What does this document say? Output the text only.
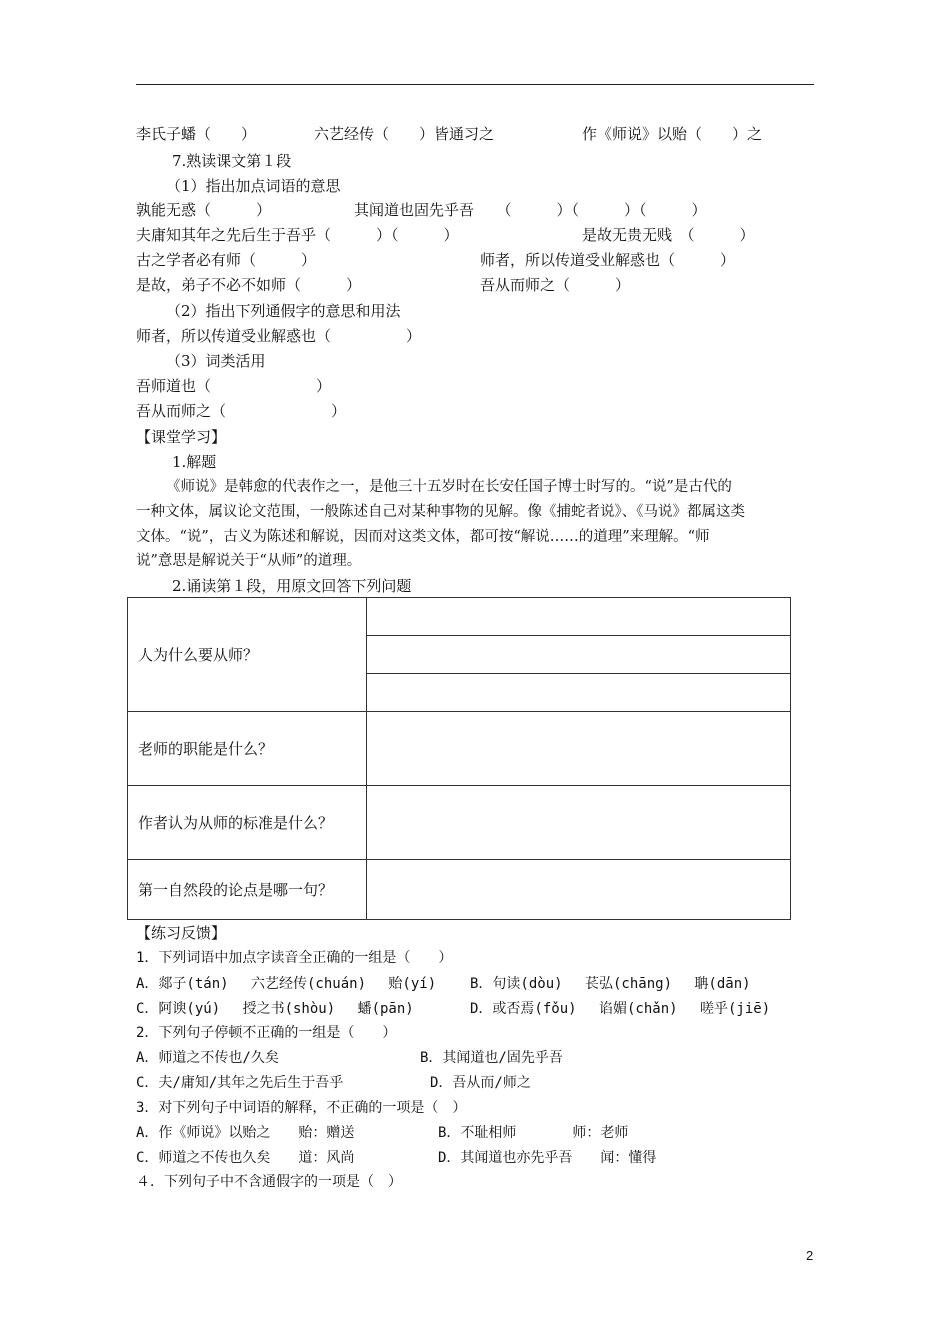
李氏子蟠（　　）	六艺经传（　　）皆通习之	作《师说》以贻（　　）之
7.熟读课文第１段
（1）指出加点词语的意思
孰能无惑（　　　）	其闻道也固先乎吾　　（　　　）（　　　）（　　　）
夫庸知其年之先后生于吾乎（　　　）（　　　）	是故无贵无贱　（　　　）
古之学者必有师（　　　）	师者，所以传道受业解惑也（　　　）
是故，弟子不必不如师（　　　）	吾从而师之（　　　）
（2）指出下列通假字的意思和用法
师者，所以传道受业解惑也（　　　　　）
（3）词类活用
吾师道也（　　　　　　　）
吾从而师之（　　　　　　　）
【课堂学习】
1.解题
《师说》是韩愈的代表作之一，是他三十五岁时在长安任国子博士时写的。“说”是古代的
一种文体，属议论文范围，一般陈述自己对某种事物的见解。像《捕蛇者说》、《马说》都属这类
文体。“说”，古义为陈述和解说，因而对这类文体，都可按“解说……的道理”来理解。“师
说”意思是解说关于“从师”的道理。
2.诵读第１段，用原文回答下列问题
人为什么要从师？	

老师的职能是什么？	
作者认为从师的标准是什么？	
第一自然段的论点是哪一句？	
【练习反馈】
1．下列词语中加点字读音全正确的一组是（　　）
A．郯子(tán)　 六艺经传(chuán)　 贻(yí) B．句读(dòu)　 苌弘(chāng)　 聃(dān)
C．阿谀(yú)　 授之书(shòu)　 蟠(pān)	D．或否焉(fǒu)　 谄媚(chǎn)　 嗟乎(jiē)
2．下列句子停顿不正确的一组是（　　）
A．师道之不传也/久矣	B．其闻道也/固先乎吾
C．夫/庸知/其年之先后生于吾乎	D．吾从而/师之
3．对下列句子中词语的解释，不正确的一项是（　）
A．作《师说》以贻之　　贻：赠送	B．不耻相师　　　　师：老师
C．师道之不传也久矣　　道：风尚	D．其闻道也亦先乎吾　　闻：懂得
４．下列句子中不含通假字的一项是（　）
2
